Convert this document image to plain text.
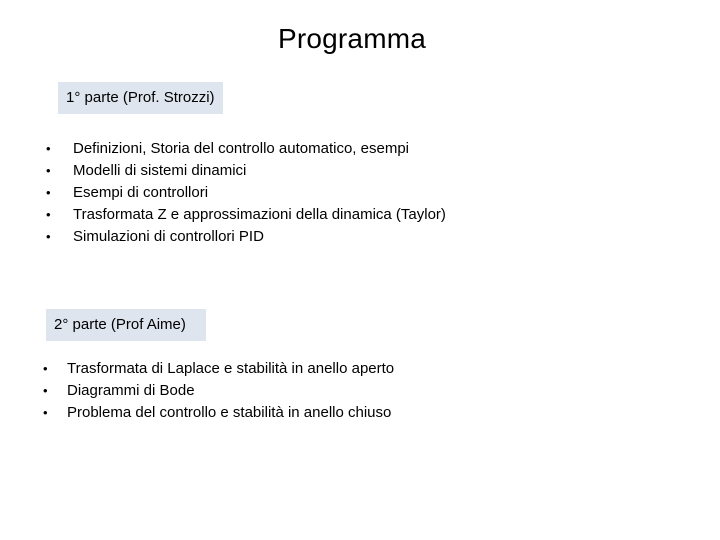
Programma
1° parte (Prof. Strozzi)
• Definizioni, Storia del controllo automatico, esempi
• Modelli di sistemi dinamici
• Esempi di controllori
• Trasformata Z e approssimazioni della dinamica (Taylor)
• Simulazioni di controllori PID
2° parte (Prof Aime)
• Trasformata di Laplace e stabilità in anello aperto
• Diagrammi di Bode
• Problema del controllo e stabilità in anello chiuso
